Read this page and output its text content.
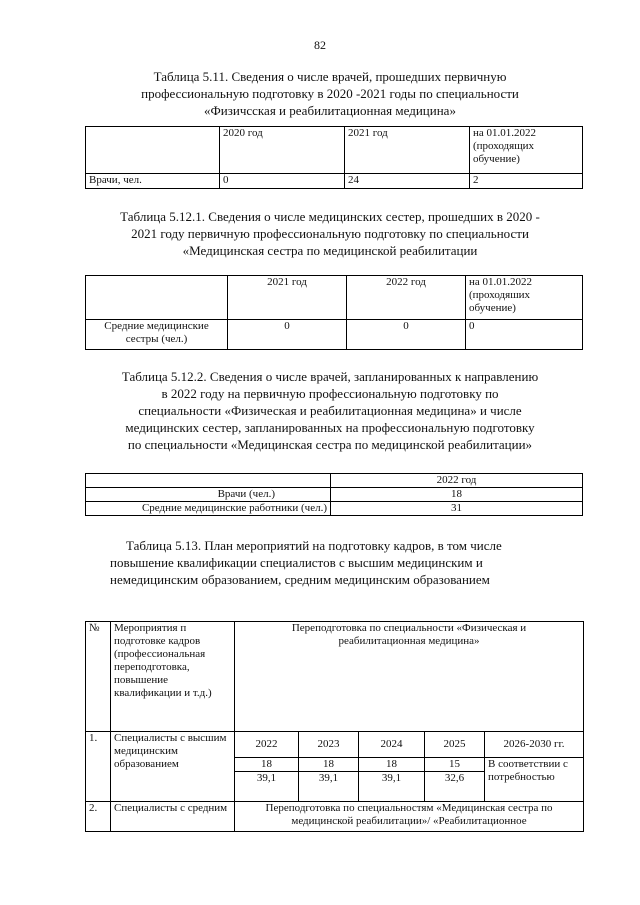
82
Таблица 5.11. Сведения о числе врачей, прошедших первичную
профессиональную подготовку в 2020 -2021 годы по специальности
«Физичсская и реабилитационная медицина»
	2020 год	2021 год	на 01.01.2022 (проходящих обучение)
Врачи, чел.	0	24	2
Таблица 5.12.1. Сведения о числе медицинских сестер, прошедших в 2020 -
2021 году первичную профессиональную подготовку по специальности
«Медицинская сестра по медицинской реабилитации
	2021 год	2022 год	на 01.01.2022 (проходяших обучение)
Средние медицинские сестры (чел.)	0	0	0
Таблица 5.12.2. Сведения о числе врачей, запланированных к направлению
в 2022 году на первичную профессиональную подготовку по
специальности «Физическая и реабилитационная медицина» и числе
медицинских сестер, запланированных на профессиональную подготовку
по специальности «Медицинская сестра по медицинской реабилитации»
	2022 год
Врачи (чел.)	18
Средние медицинские работники (чел.)	31
Таблица 5.13. План мероприятий на подготовку кадров, в том числе
повышение квалификации специалистов с высшим медицинским и
немедицинским образованием, средним медицинским образованием
№	Мероприятия п подготовке кадров (профессиональная переподготовка, повышение квалификации и т.д.)	Переподготовка по специальности «Физическая и реабилитационная медицина»				
1.	Специалисты с высшим медицинским образованием	2022	2023	2024	2025	2026-2030 гг.
		18	18	18	15	В соответствии с потребностью
		39,1	39,1	39,1	32,6	
2.	Специалисты с средним	Переподготовка по специальностям «Медицинская сестра по медицинской реабилитации»/ «Реабилитационное				
